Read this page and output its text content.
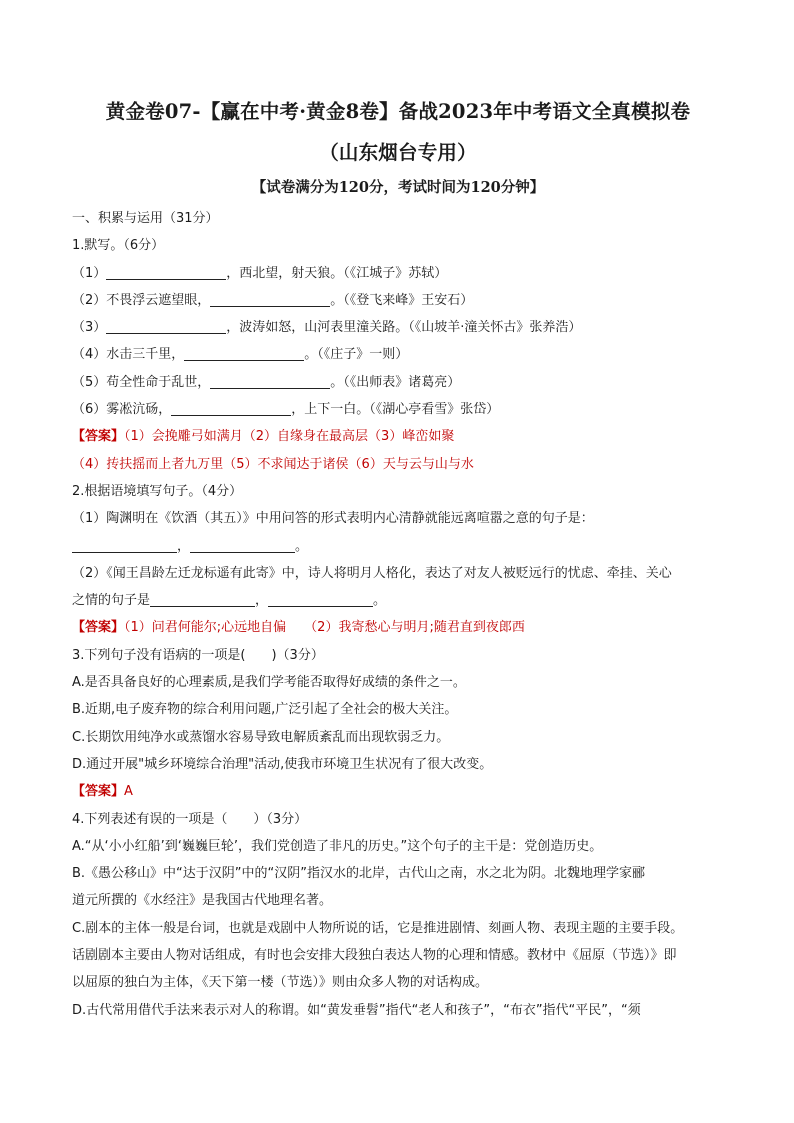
黄金卷07-【赢在中考·黄金8卷】备战2023年中考语文全真模拟卷
（山东烟台专用）
【试卷满分为120分，考试时间为120分钟】
一、积累与运用（31分）
1.默写。（6分）
（1）	，西北望，射天狼。（《江城子》苏轼）
（2）不畏浮云遮望眼，	。（《登飞来峰》王安石）
（3）	，波涛如怒，山河表里潼关路。（《山坡羊·潼关怀古》张养浩）
（4）水击三千里，	。（《庄子》一则）
（5）苟全性命于乱世，	。（《出师表》诸葛亮）
（6）雾凇沆砀，	，上下一白。（《湖心亭看雪》张岱）
【答案】（1）会挽雕弓如满月（2）自缘身在最高层（3）峰峦如聚
（4）抟扶摇而上者九万里（5）不求闻达于诸侯（6）天与云与山与水
2.根据语境填写句子。（4分）
（1）陶渊明在《饮酒（其五）》中用问答的形式表明内心清静就能远离喧嚣之意的句子是：
，	。
（2）《闻王昌龄左迁龙标遥有此寄》中，诗人将明月人格化，表达了对友人被贬远行的忧虑、牵挂、关心
之情的句子是	，	。
【答案】（1）问君何能尔;心远地自偏 （2）我寄愁心与明月;随君直到夜郎西
3.下列句子没有语病的一项是(　　)（3分）
A.是否具备良好的心理素质,是我们学考能否取得好成绩的条件之一。
B.近期,电子废弃物的综合利用问题,广泛引起了全社会的极大关注。
C.长期饮用纯净水或蒸馏水容易导致电解质紊乱而出现软弱乏力。
D.通过开展"城乡环境综合治理"活动,使我市环境卫生状况有了很大改变。
【答案】A
4.下列表述有误的一项是（　　）（3分）
A.“从‘小小红船’到‘巍巍巨轮’，我们党创造了非凡的历史。”这个句子的主干是：党创造历史。
B.《愚公移山》中“达于汉阴”中的“汉阴”指汉水的北岸，古代山之南，水之北为阴。北魏地理学家郦
道元所撰的《水经注》是我国古代地理名著。
C.剧本的主体一般是台词，也就是戏剧中人物所说的话，它是推进剧情、刻画人物、表现主题的主要手段。
话剧剧本主要由人物对话组成，有时也会安排大段独白表达人物的心理和情感。教材中《屈原（节选）》即
以屈原的独白为主体，《天下第一楼（节选）》则由众多人物的对话构成。
D.古代常用借代手法来表示对人的称谓。如“黄发垂髫”指代“老人和孩子”，“布衣”指代“平民”，“须
